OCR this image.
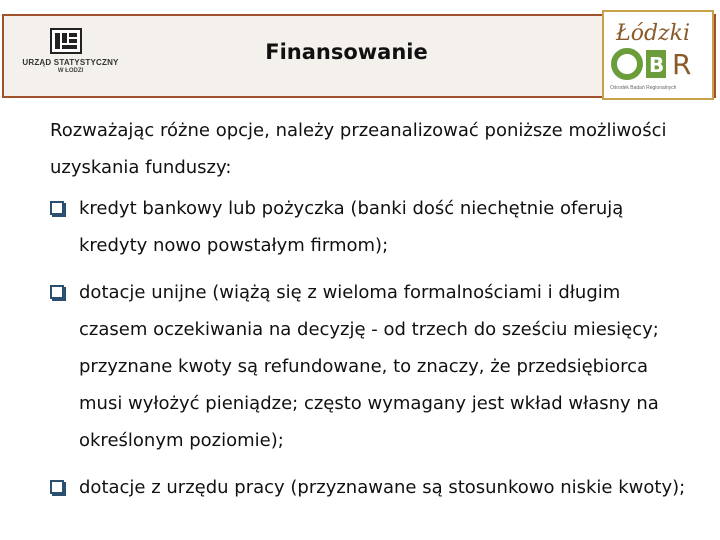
URZĄD STATYSTYCZNY
W ŁODZI
Finansowanie
Łódzki
B R
Ośrodek Badań Regionalnych

Rozważając różne opcje, należy przeanalizować poniższe możliwości uzyskania funduszy:

kredyt bankowy lub pożyczka (banki dość niechętnie oferują kredyty nowo powstałym firmom);
dotacje unijne (wiążą się z wieloma formalnościami i długim czasem oczekiwania na decyzję - od trzech do sześciu miesięcy; przyznane kwoty są refundowane, to znaczy, że przedsiębiorca musi wyłożyć pieniądze; często wymagany jest wkład własny na określonym poziomie);
dotacje z urzędu pracy (przyznawane są stosunkowo niskie kwoty);
